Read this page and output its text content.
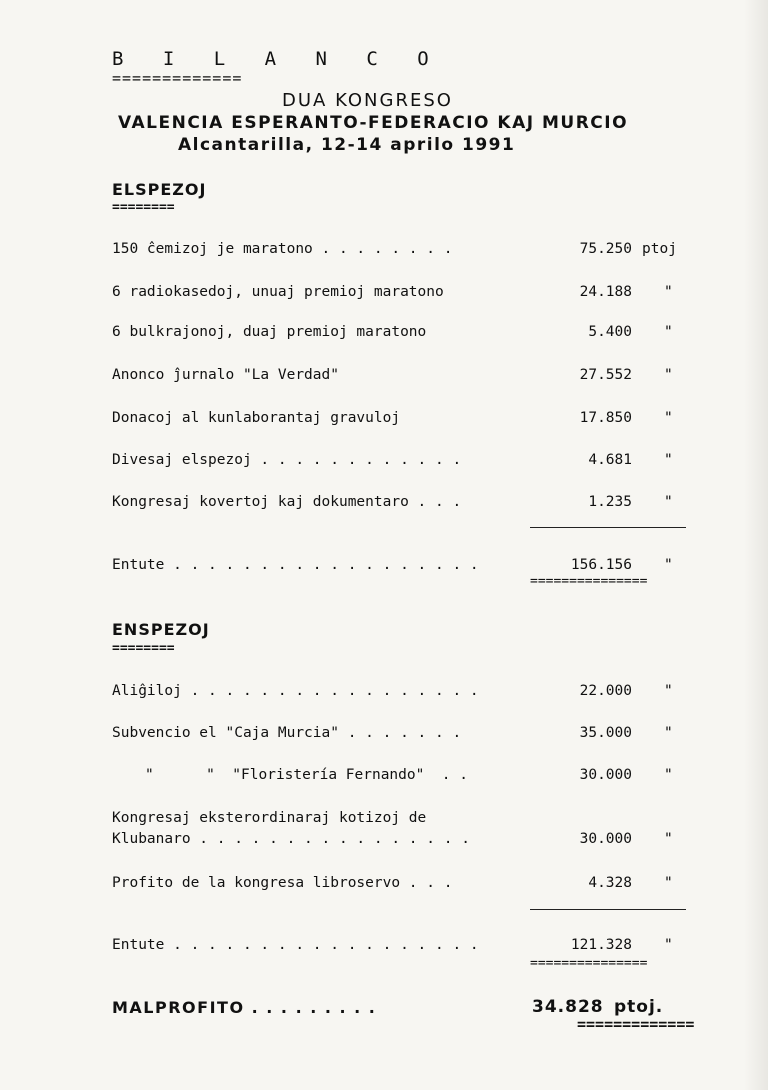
B I L A N C O
=============
DUA KONGRESO
VALENCIA ESPERANTO-FEDERACIO KAJ MURCIO
Alcantarilla, 12-14 aprilo 1991
ELSPEZOJ
========
150 ĉemizoj je maratono . . . . . . . .	75.250 ptoj
6 radiokasedoj, unuaj premioj maratono	24.188 "
6 bulkrajonoj, duaj premioj maratono	5.400 "
Anonco ĵurnalo "La Verdad"	27.552 "
Donacoj al kunlaborantaj gravuloj	17.850 "
Divesaj elspezoj . . . . . . . . . . . .	4.681 "
Kongresaj kovertoj kaj dokumentaro . . .	1.235 "
Entute . . . . . . . . . . . . . . . . . .	156.156 "
===============
ENSPEZOJ
========
Aliĝiloj . . . . . . . . . . . . . . . . .	22.000 "
Subvencio el "Caja Murcia" . . . . . . .	35.000 "
"      "  "Floristería Fernando"  . .	30.000 "
Kongresaj eksterordinaraj kotizoj de
Klubanaro . . . . . . . . . . . . . . . .	30.000 "
Profito de la kongresa libroservo . . .	4.328 "
Entute . . . . . . . . . . . . . . . . . .	121.328 "
===============
MALPROFITO . . . . . . . . .	34.828 ptoj.
=============
